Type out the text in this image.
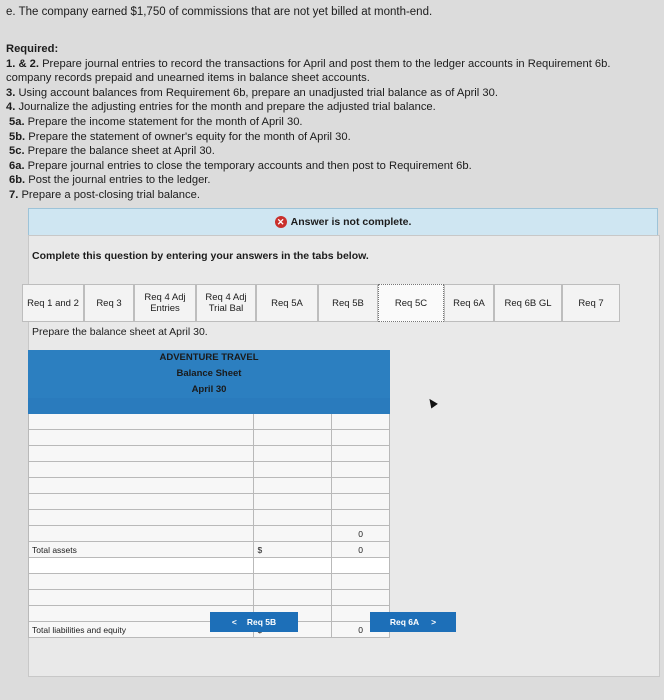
e. The company earned $1,750 of commissions that are not yet billed at month-end.
Required:
1. & 2. Prepare journal entries to record the transactions for April and post them to the ledger accounts in Requirement 6b.
company records prepaid and unearned items in balance sheet accounts.
3. Using account balances from Requirement 6b, prepare an unadjusted trial balance as of April 30.
4. Journalize the adjusting entries for the month and prepare the adjusted trial balance.
5a. Prepare the income statement for the month of April 30.
5b. Prepare the statement of owner's equity for the month of April 30.
5c. Prepare the balance sheet at April 30.
6a. Prepare journal entries to close the temporary accounts and then post to Requirement 6b.
6b. Post the journal entries to the ledger.
7. Prepare a post-closing trial balance.
✕ Answer is not complete.
Complete this question by entering your answers in the tabs below.
Req 1 and 2 Req 3 Req 4 Adj
Entries
Req 4 Adj
Trial Bal	Req 5A	Req 5B	Req 5C	Req 6A Req 6B GL	Req 7
Prepare the balance sheet at April 30.
ADVENTURE TRAVEL
Balance Sheet
April 30

		0
Total assets	$	0

Total liabilities and equity		0
< Req 5B	Req 6A >
